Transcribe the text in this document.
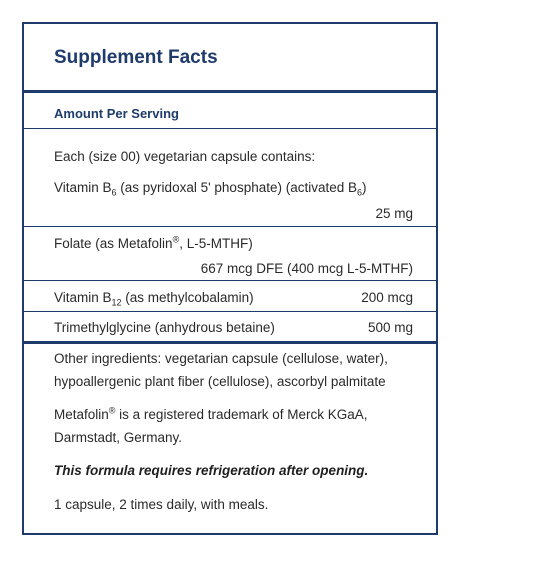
Supplement Facts
Amount Per Serving
Each (size 00) vegetarian capsule contains:
Vitamin $B_6$ (as pyridoxal 5' phosphate) (activated $B_6$)
25 mg
Folate (as Metafolin®, L-5-MTHF)
667 mcg DFE (400 mcg L-5-MTHF)
Vitamin $B_{12}$ (as methylcobalamin)	200 mcg
Trimethylglycine (anhydrous betaine)	500 mg
Other ingredients: vegetarian capsule (cellulose, water),
hypoallergenic plant fiber (cellulose), ascorbyl palmitate
Metafolin® is a registered trademark of Merck KGaA,
Darmstadt, Germany.
This formula requires refrigeration after opening.
1 capsule, 2 times daily, with meals.
